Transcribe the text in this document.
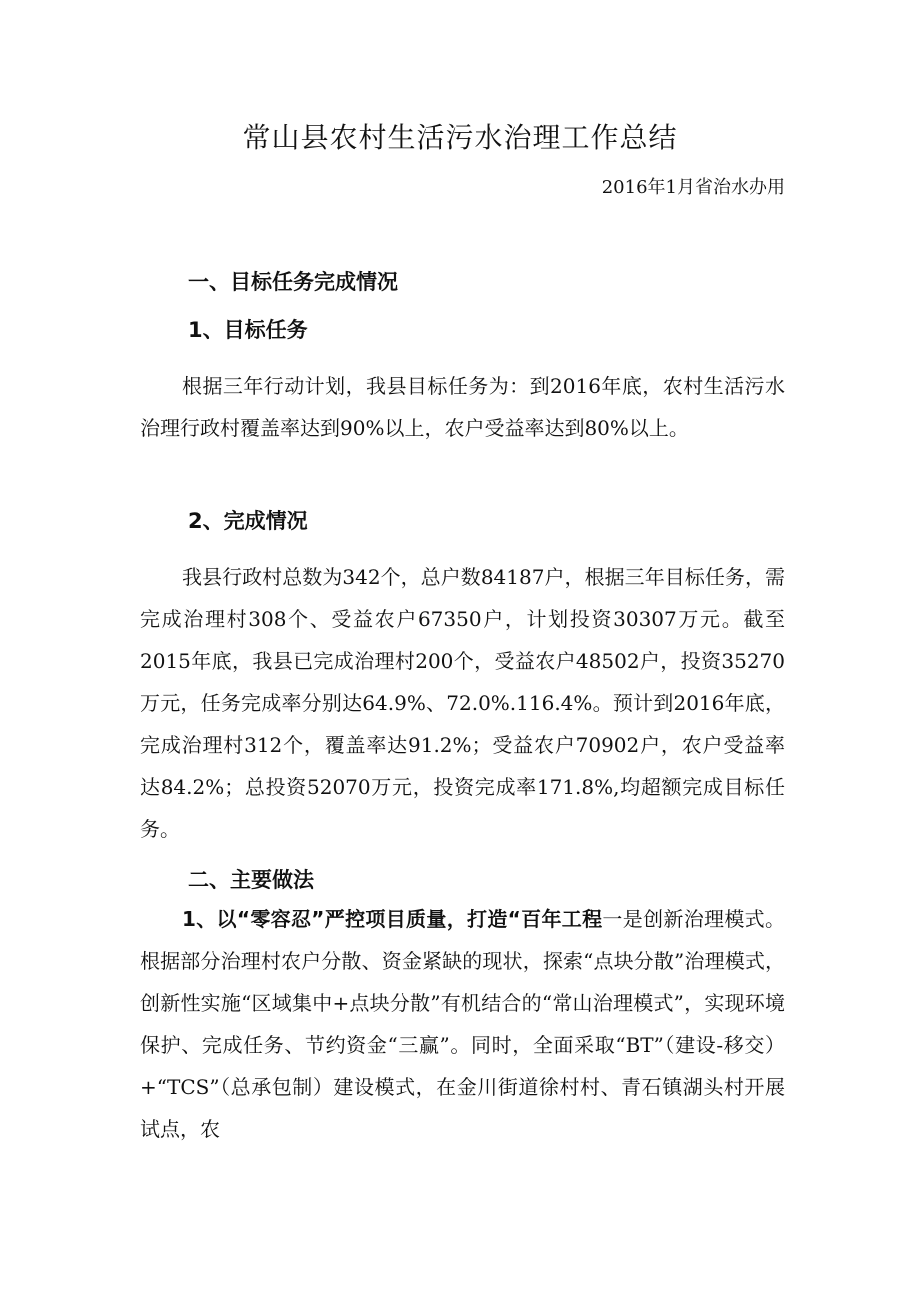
常山县农村生活污水治理工作总结
2016年1月省治水办用
一、目标任务完成情况
1、目标任务

根据三年行动计划，我县目标任务为：到2016年底，农村生活污水治理行政村覆盖率达到90%以上，农户受益率达到80%以上。

2、完成情况

我县行政村总数为342个，总户数84187户，根据三年目标任务，需完成治理村308个、受益农户67350户，计划投资30307万元。截至2015年底，我县已完成治理村200个，受益农户48502户，投资35270万元，任务完成率分别达64.9%、72.0%.116.4%。预计到2016年底，完成治理村312个，覆盖率达91.2%；受益农户70902户，农户受益率达84.2%；总投资52070万元，投资完成率171.8%,均超额完成目标任务。

二、主要做法

1、以“零容忍”严控项目质量，打造“百年工程一是创新治理模式。根据部分治理村农户分散、资金紧缺的现状，探索“点块分散”治理模式，创新性实施“区域集中+点块分散”有机结合的“常山治理模式”，实现环境保护、完成任务、节约资金“三赢”。同时，全面采取“BT”（建设-移交）+“TCS”（总承包制）建设模式，在金川街道徐村村、青石镇湖头村开展试点，农
